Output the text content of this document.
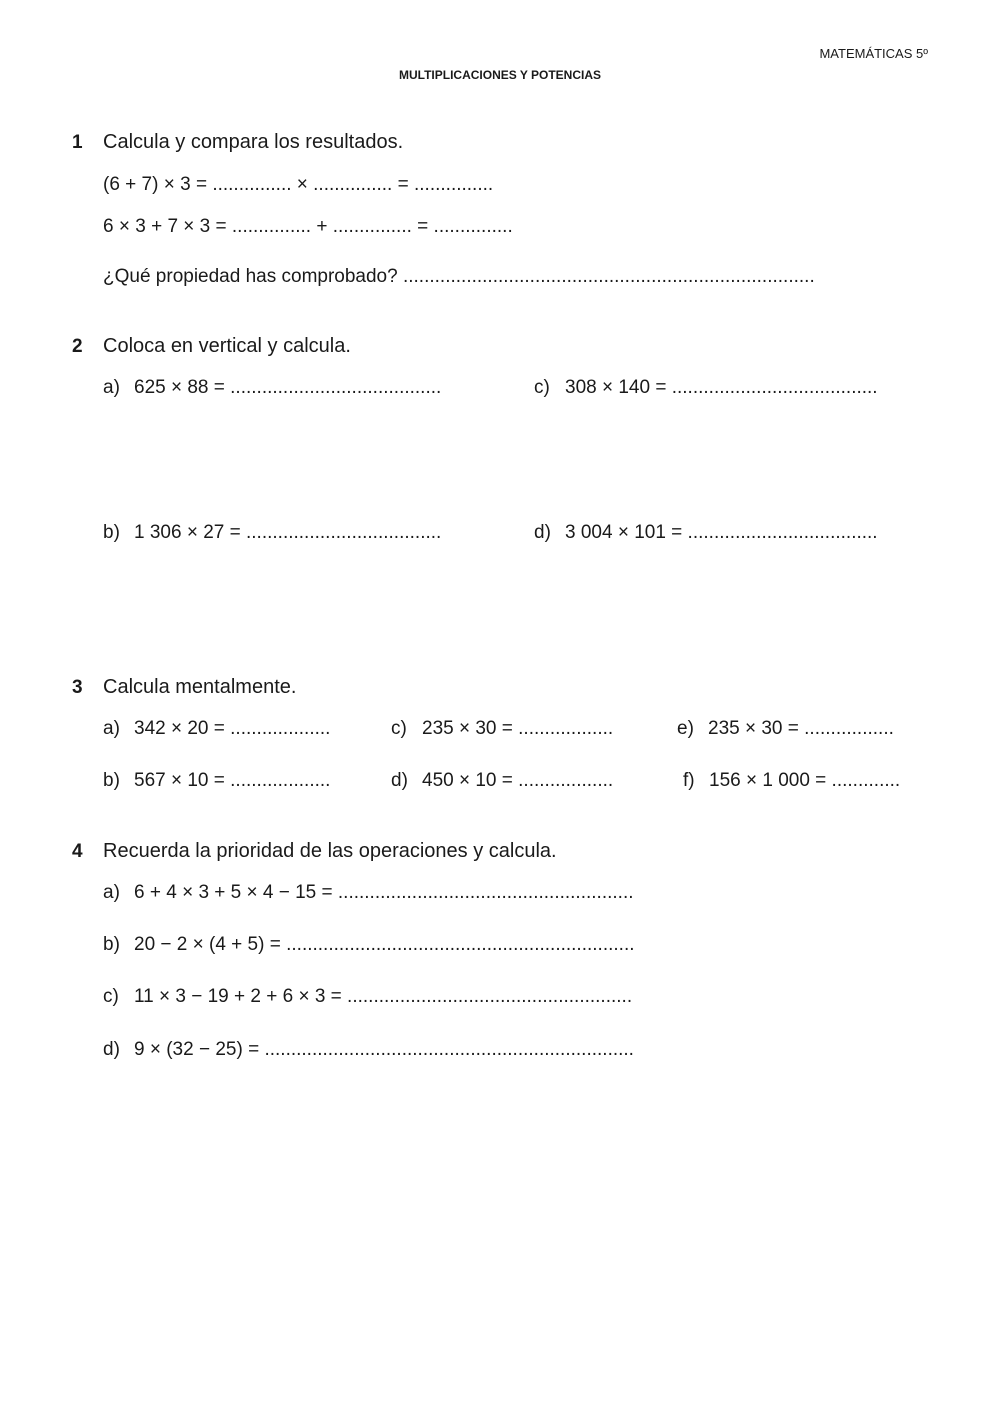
MATEMÁTICAS 5º
MULTIPLICACIONES Y POTENCIAS
1 Calcula y compara los resultados.
(6 + 7) × 3 = ............... × ............... = ...............
6 × 3 + 7 × 3 = ............... + ............... = ...............
¿Qué propiedad has comprobado? ..............................................................................
2 Coloca en vertical y calcula.
a) 625 × 88 = ........................................	c) 308 × 140 = .......................................
b) 1 306 × 27 = .....................................	d) 3 004 × 101 = ....................................
3 Calcula mentalmente.
a) 342 × 20 = ...................	c) 235 × 30 = ..................	e) 235 × 30 = .................
b) 567 × 10 = ...................	d) 450 × 10 = ..................	f) 156 × 1 000 = .............
4 Recuerda la prioridad de las operaciones y calcula.
a) 6 + 4 × 3 + 5 × 4 − 15 = ........................................................
b) 20 − 2 × (4 + 5) = ..................................................................
c) 11 × 3 − 19 + 2 + 6 × 3 = ......................................................
d) 9 × (32 − 25) = ......................................................................
